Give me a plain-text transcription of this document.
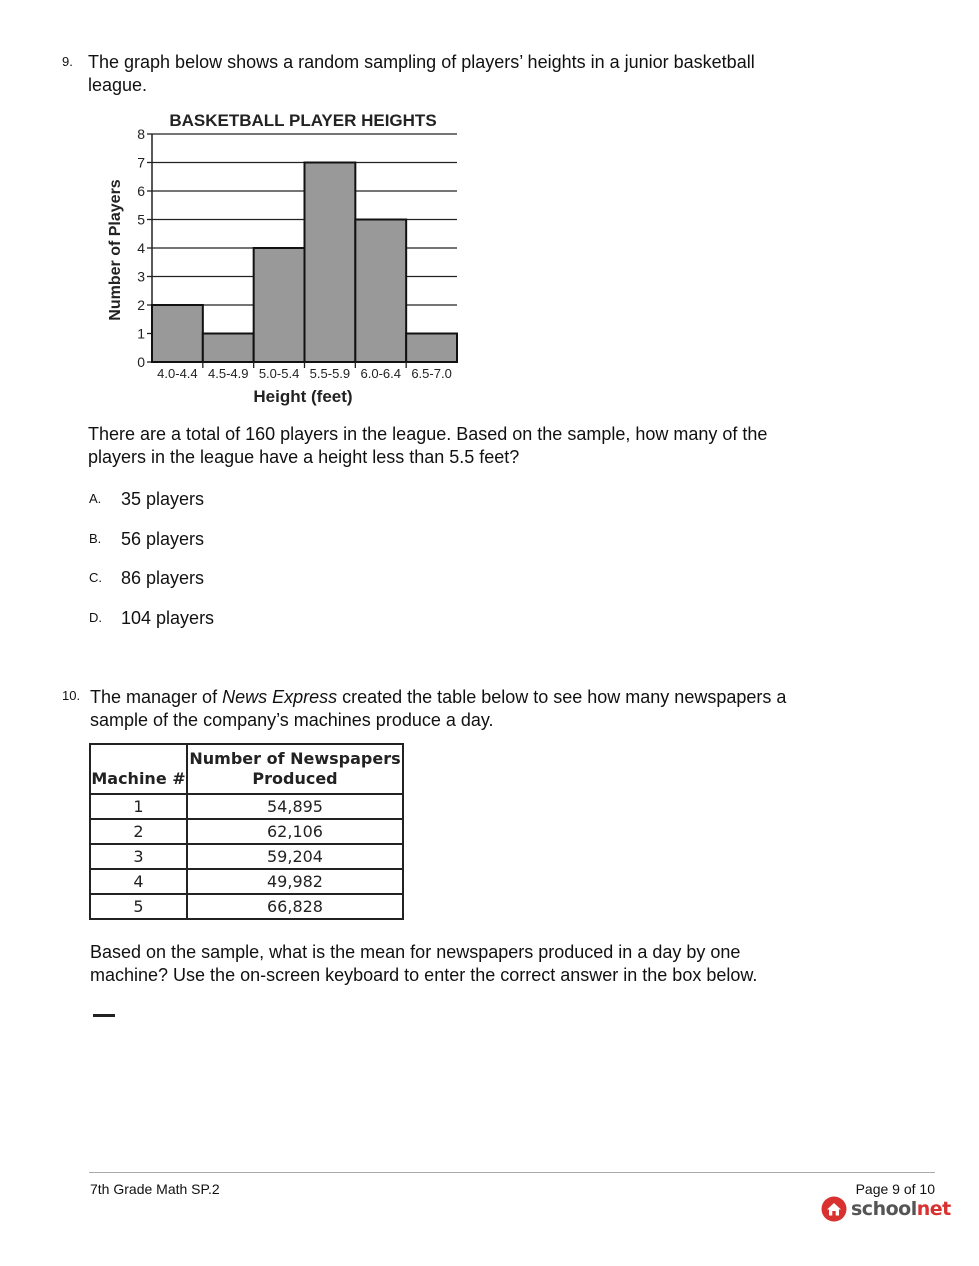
9. The graph below shows a random sampling of players’ heights in a junior basketball
league.
BASKETBALL PLAYER HEIGHTS
0
1
2
3
4
5
6
7
8
4.0-4.4 4.5-4.9 5.0-5.4 5.5-5.9 6.0-6.4 6.5-7.0
Number of Players
Height (feet)
There are a total of 160 players in the league. Based on the sample, how many of the
players in the league have a height less than 5.5 feet?
A. 35 players
B. 56 players
C. 86 players
D. 104 players
10. The manager of News Express created the table below to see how many newspapers a
sample of the company’s machines produce a day.
Machine #	Number of Newspapers
Produced

1	54,895
2	62,106
3	59,204
4	49,982
5	66,828
Based on the sample, what is the mean for newspapers produced in a day by one
machine? Use the on-screen keyboard to enter the correct answer in the box below.
7th Grade Math SP.2	Page 9 of 10
schoolnet
